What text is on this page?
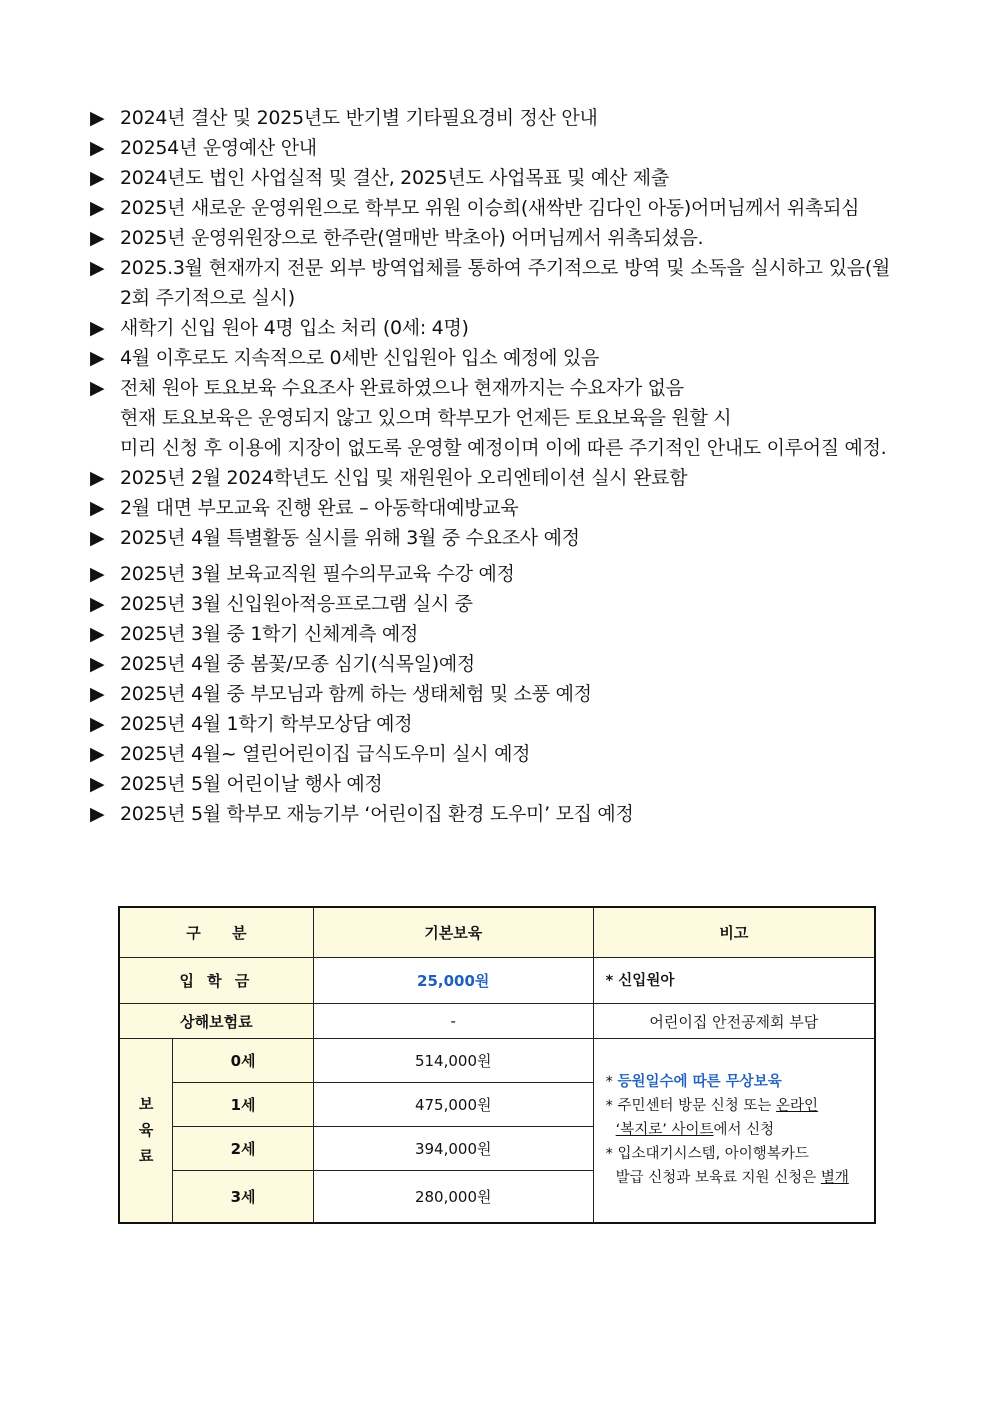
▶ 2024년 결산 및 2025년도 반기별 기타필요경비 정산 안내
▶ 20254년 운영예산 안내
▶ 2024년도 법인 사업실적 및 결산, 2025년도 사업목표 및 예산 제출
▶ 2025년 새로운 운영위원으로 학부모 위원 이승희(새싹반 김다인 아동)어머님께서 위촉되심
▶ 2025년 운영위원장으로 한주란(열매반 박초아) 어머님께서 위촉되셨음.
▶ 2025.3월 현재까지 전문 외부 방역업체를 통하여 주기적으로 방역 및 소독을 실시하고 있음(월2회 주기적으로 실시)
▶ 새학기 신입 원아 4명 입소 처리 (0세: 4명)
▶ 4월 이후로도 지속적으로 0세반 신입원아 입소 예정에 있음
▶ 전체 원아 토요보육 수요조사 완료하였으나 현재까지는 수요자가 없음
현재 토요보육은 운영되지 않고 있으며 학부모가 언제든 토요보육을 원할 시
미리 신청 후 이용에 지장이 없도록 운영할 예정이며 이에 따른 주기적인 안내도 이루어질 예정.
▶ 2025년 2월 2024학년도 신입 및 재원원아 오리엔테이션 실시 완료함
▶ 2월 대면 부모교육 진행 완료 – 아동학대예방교육
▶ 2025년 4월 특별활동 실시를 위해 3월 중 수요조사 예정
▶ 2025년 3월 보육교직원 필수의무교육 수강 예정
▶ 2025년 3월 신입원아적응프로그램 실시 중
▶ 2025년 3월 중 1학기 신체계측 예정
▶ 2025년 4월 중 봄꽃/모종 심기(식목일)예정
▶ 2025년 4월 중 부모님과 함께 하는 생태체험 및 소풍 예정
▶ 2025년 4월 1학기 학부모상담 예정
▶ 2025년 4월~ 열린어린이집 급식도우미 실시 예정
▶ 2025년 5월 어린이날 행사 예정
▶ 2025년 5월 학부모 재능기부 ‘어린이집 환경 도우미’ 모집 예정
구      분		기본보육	비고
입 학 금		25,000원	* 신입원아
상해보험료		-	어린이집 안전공제회 부담
보육료	0세	514,000원	* 등원일수에 따른 무상보육
* 주민센터 방문 신청 또는 온라인
‘복지로’ 사이트에서 신청
* 입소대기시스템, 아이행복카드
발급 신청과 보육료 지원 신청은 별개

	1세	475,000원	
	2세	394,000원	
	3세	280,000원	
